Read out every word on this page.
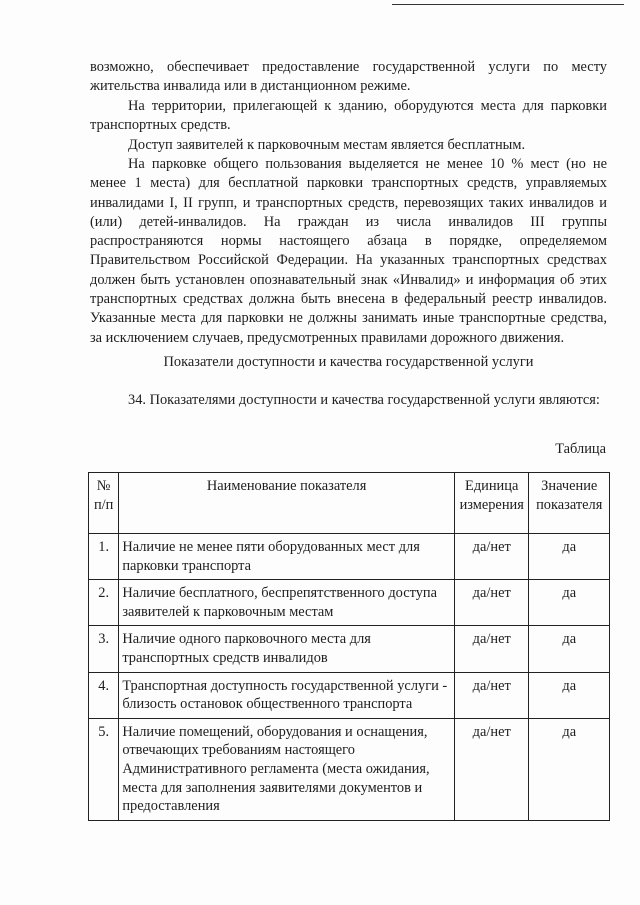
возможно, обеспечивает предоставление государственной услуги по месту жительства инвалида или в дистанционном режиме.

На территории, прилегающей к зданию, оборудуются места для парковки транспортных средств.

Доступ заявителей к парковочным местам является бесплатным.

На парковке общего пользования выделяется не менее 10 % мест (но не менее 1 места) для бесплатной парковки транспортных средств, управляемых инвалидами I, II групп, и транспортных средств, перевозящих таких инвалидов и (или) детей-инвалидов. На граждан из числа инвалидов III группы распространяются нормы настоящего абзаца в порядке, определяемом Правительством Российской Федерации. На указанных транспортных средствах должен быть установлен опознавательный знак «Инвалид» и информация об этих транспортных средствах должна быть внесена в федеральный реестр инвалидов. Указанные места для парковки не должны занимать иные транспортные средства, за исключением случаев, предусмотренных правилами дорожного движения.

Показатели доступности и качества государственной услуги

34. Показателями доступности и качества государственной услуги являются:

Таблица
№ п/п	Наименование показателя	Единица измерения	Значение показателя
1.	Наличие не менее пяти оборудованных мест для парковки транспорта	да/нет	да
2.	Наличие бесплатного, беспрепятственного доступа заявителей к парковочным местам	да/нет	да
3.	Наличие одного парковочного места для транспортных средств инвалидов	да/нет	да
4.	Транспортная доступность государственной услуги - близость остановок общественного транспорта	да/нет	да
5.	Наличие помещений, оборудования и оснащения, отвечающих требованиям настоящего Административного регламента (места ожидания, места для заполнения заявителями документов и предоставления	да/нет	да
